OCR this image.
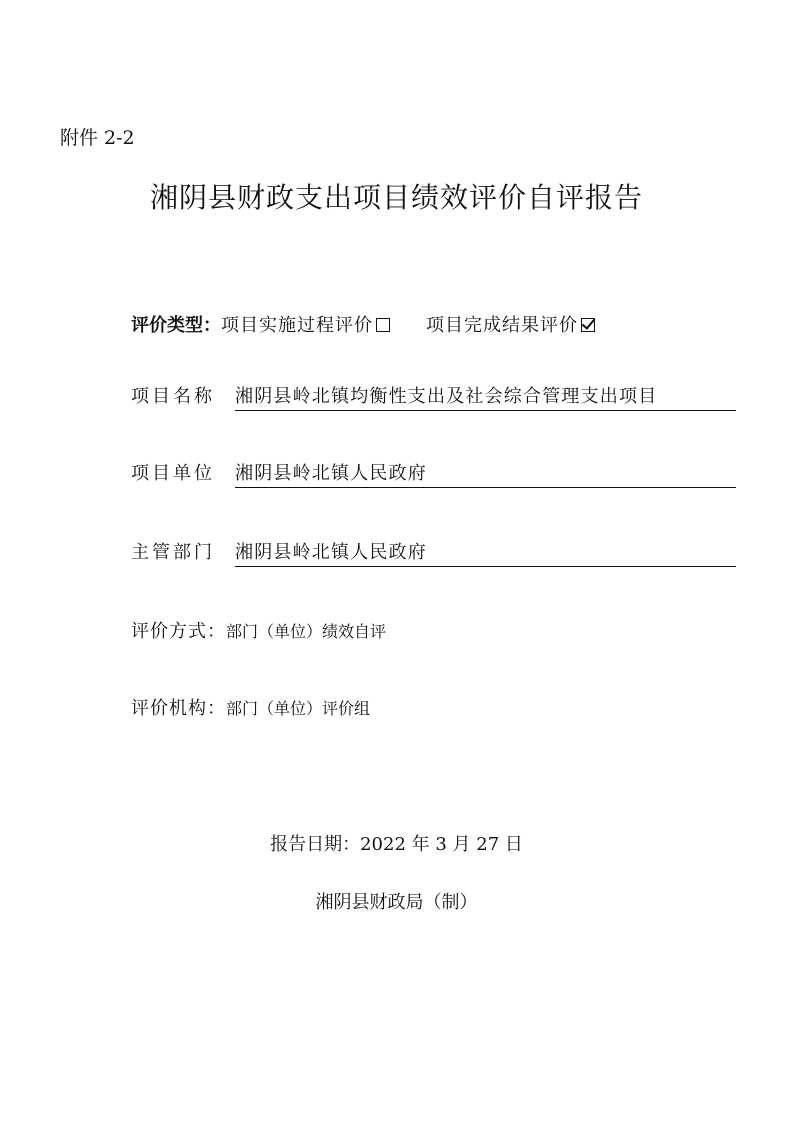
附件 2-2
湘阴县财政支出项目绩效评价自评报告
评价类型 ： 项目实施过程评价	项目完成结果评价
项目名称 湘阴县岭北镇均衡性支出及社会综合管理支出项目
项目单位 湘阴县岭北镇人民政府
主管部门 湘阴县岭北镇人民政府
评价方式： 部门（单位）绩效自评
评价机构： 部门（单位）评价组
报告日期：2022 年 3 月 27 日
湘阴县财政局（制）
